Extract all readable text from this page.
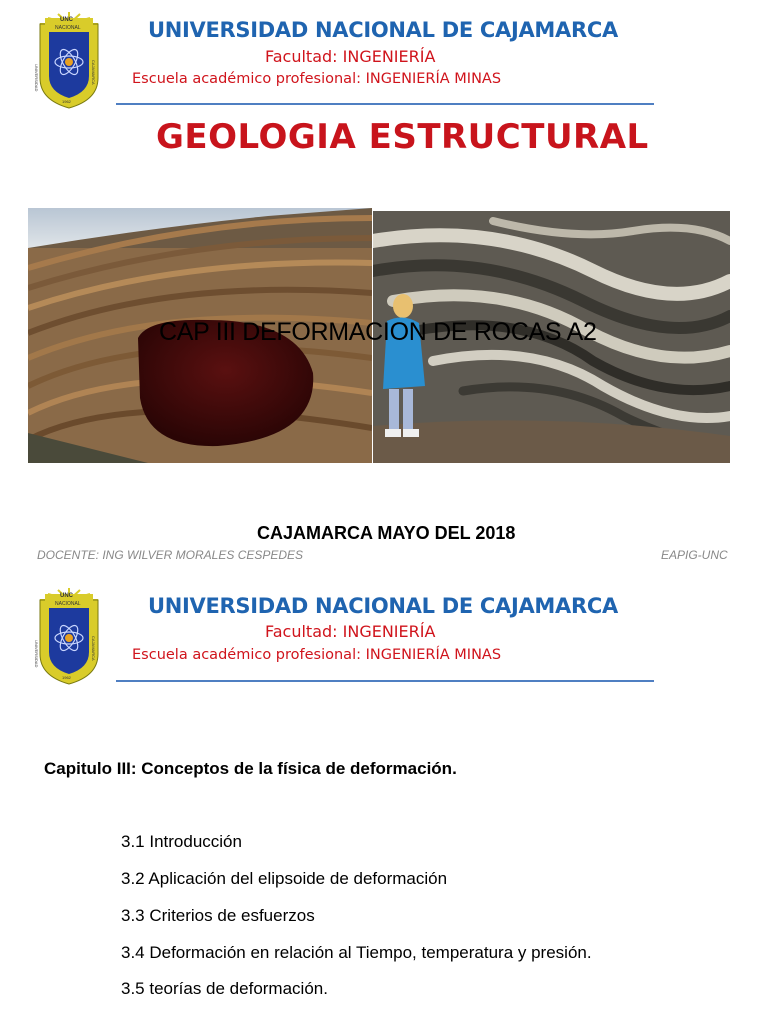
UNC
NACIONAL
UNIVERSIDAD	CAJAMARCA
1962
UNIVERSIDAD NACIONAL DE CAJAMARCA
Facultad: INGENIERÍA
Escuela académico profesional: INGENIERÍA MINAS
GEOLOGIA ESTRUCTURAL
CAP III DEFORMACION DE ROCAS A2
CAJAMARCA MAYO DEL 2018
DOCENTE: ING WILVER MORALES CESPEDES	EAPIG-UNC
UNC
NACIONAL
UNIVERSIDAD	CAJAMARCA
1962
UNIVERSIDAD NACIONAL DE CAJAMARCA
Facultad: INGENIERÍA
Escuela académico profesional: INGENIERÍA MINAS
Capitulo III: Conceptos de la física de deformación.
3.1 Introducción
3.2 Aplicación del elipsoide de deformación
3.3 Criterios de esfuerzos
3.4 Deformación en relación al Tiempo, temperatura y presión.
3.5 teorías de deformación.
